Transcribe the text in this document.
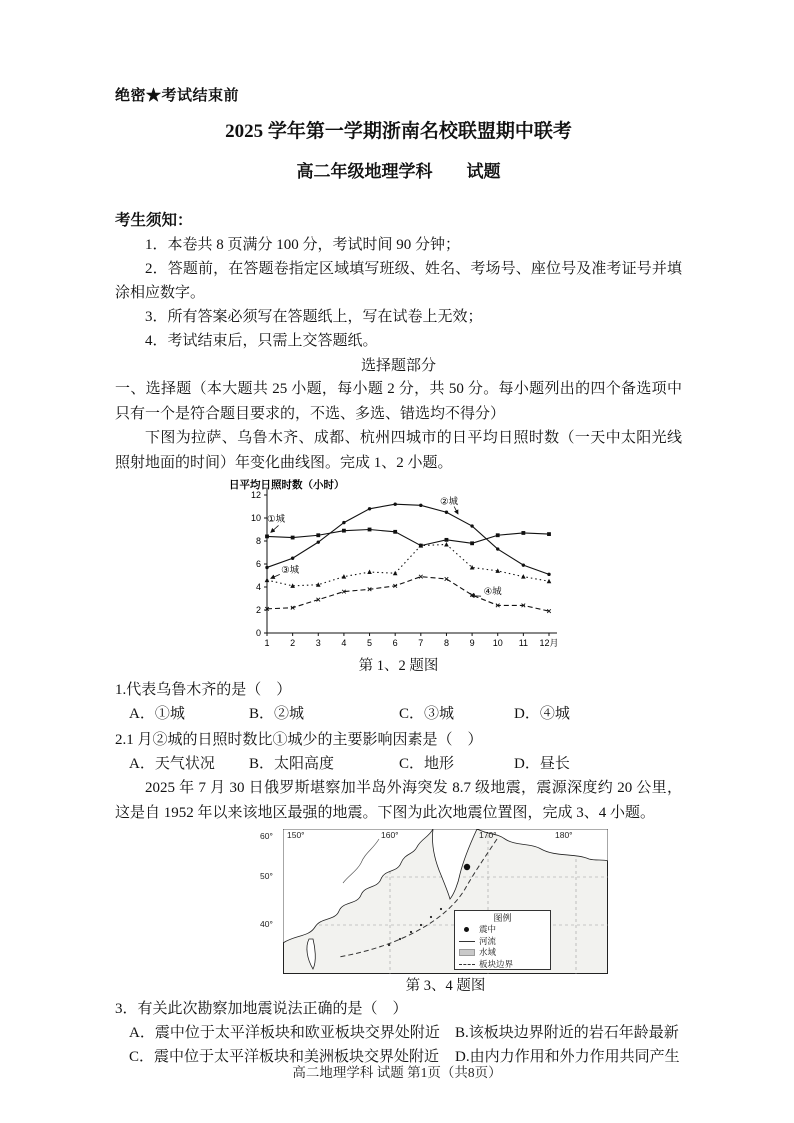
绝密★考试结束前
2025 学年第一学期浙南名校联盟期中联考
高二年级地理学科　　试题
考生须知：

1．本卷共 8 页满分 100 分，考试时间 90 分钟；

2．答题前，在答题卷指定区域填写班级、姓名、考场号、座位号及准考证号并填涂相应数字。

3．所有答案必须写在答题纸上，写在试卷上无效；

4．考试结束后，只需上交答题纸。

选择题部分

一、选择题（本大题共 25 小题，每小题 2 分，共 50 分。每小题列出的四个备选项中只有一个是符合题目要求的，不选、多选、错选均不得分）

下图为拉萨、乌鲁木齐、成都、杭州四城市的日平均日照时数（一天中太阳光线照射地面的时间）年变化曲线图。完成 1、2 小题。

0
2
4
6
8
10
12
1 2 3 4 5 6 7 8 9 10 11 12月
日平均日照时数（小时）
①城
②城
③城
④城
第 1、2 题图
1.代表乌鲁木齐的是（　）
A．①城	B．②城	C．③城	D．④城
2.1 月②城的日照时数比①城少的主要影响因素是（　）
A．天气状况	B．太阳高度	C．地形	D．昼长

2025 年 7 月 30 日俄罗斯堪察加半岛外海突发 8.7 级地震，震源深度约 20 公里，这是自 1952 年以来该地区最强的地震。下图为此次地震位置图，完成 3、4 小题。

150°	160°	170°	180°
60°
50°
40°
图例
震中
河流
水域
板块边界
第 3、4 题图
3．有关此次勘察加地震说法正确的是（　）
A．震中位于太平洋板块和欧亚板块交界处附近	B.该板块边界附近的岩石年龄最新
C．震中位于太平洋板块和美洲板块交界处附近	D.由内力作用和外力作用共同产生
高二地理学科 试题 第1页（共8页）
